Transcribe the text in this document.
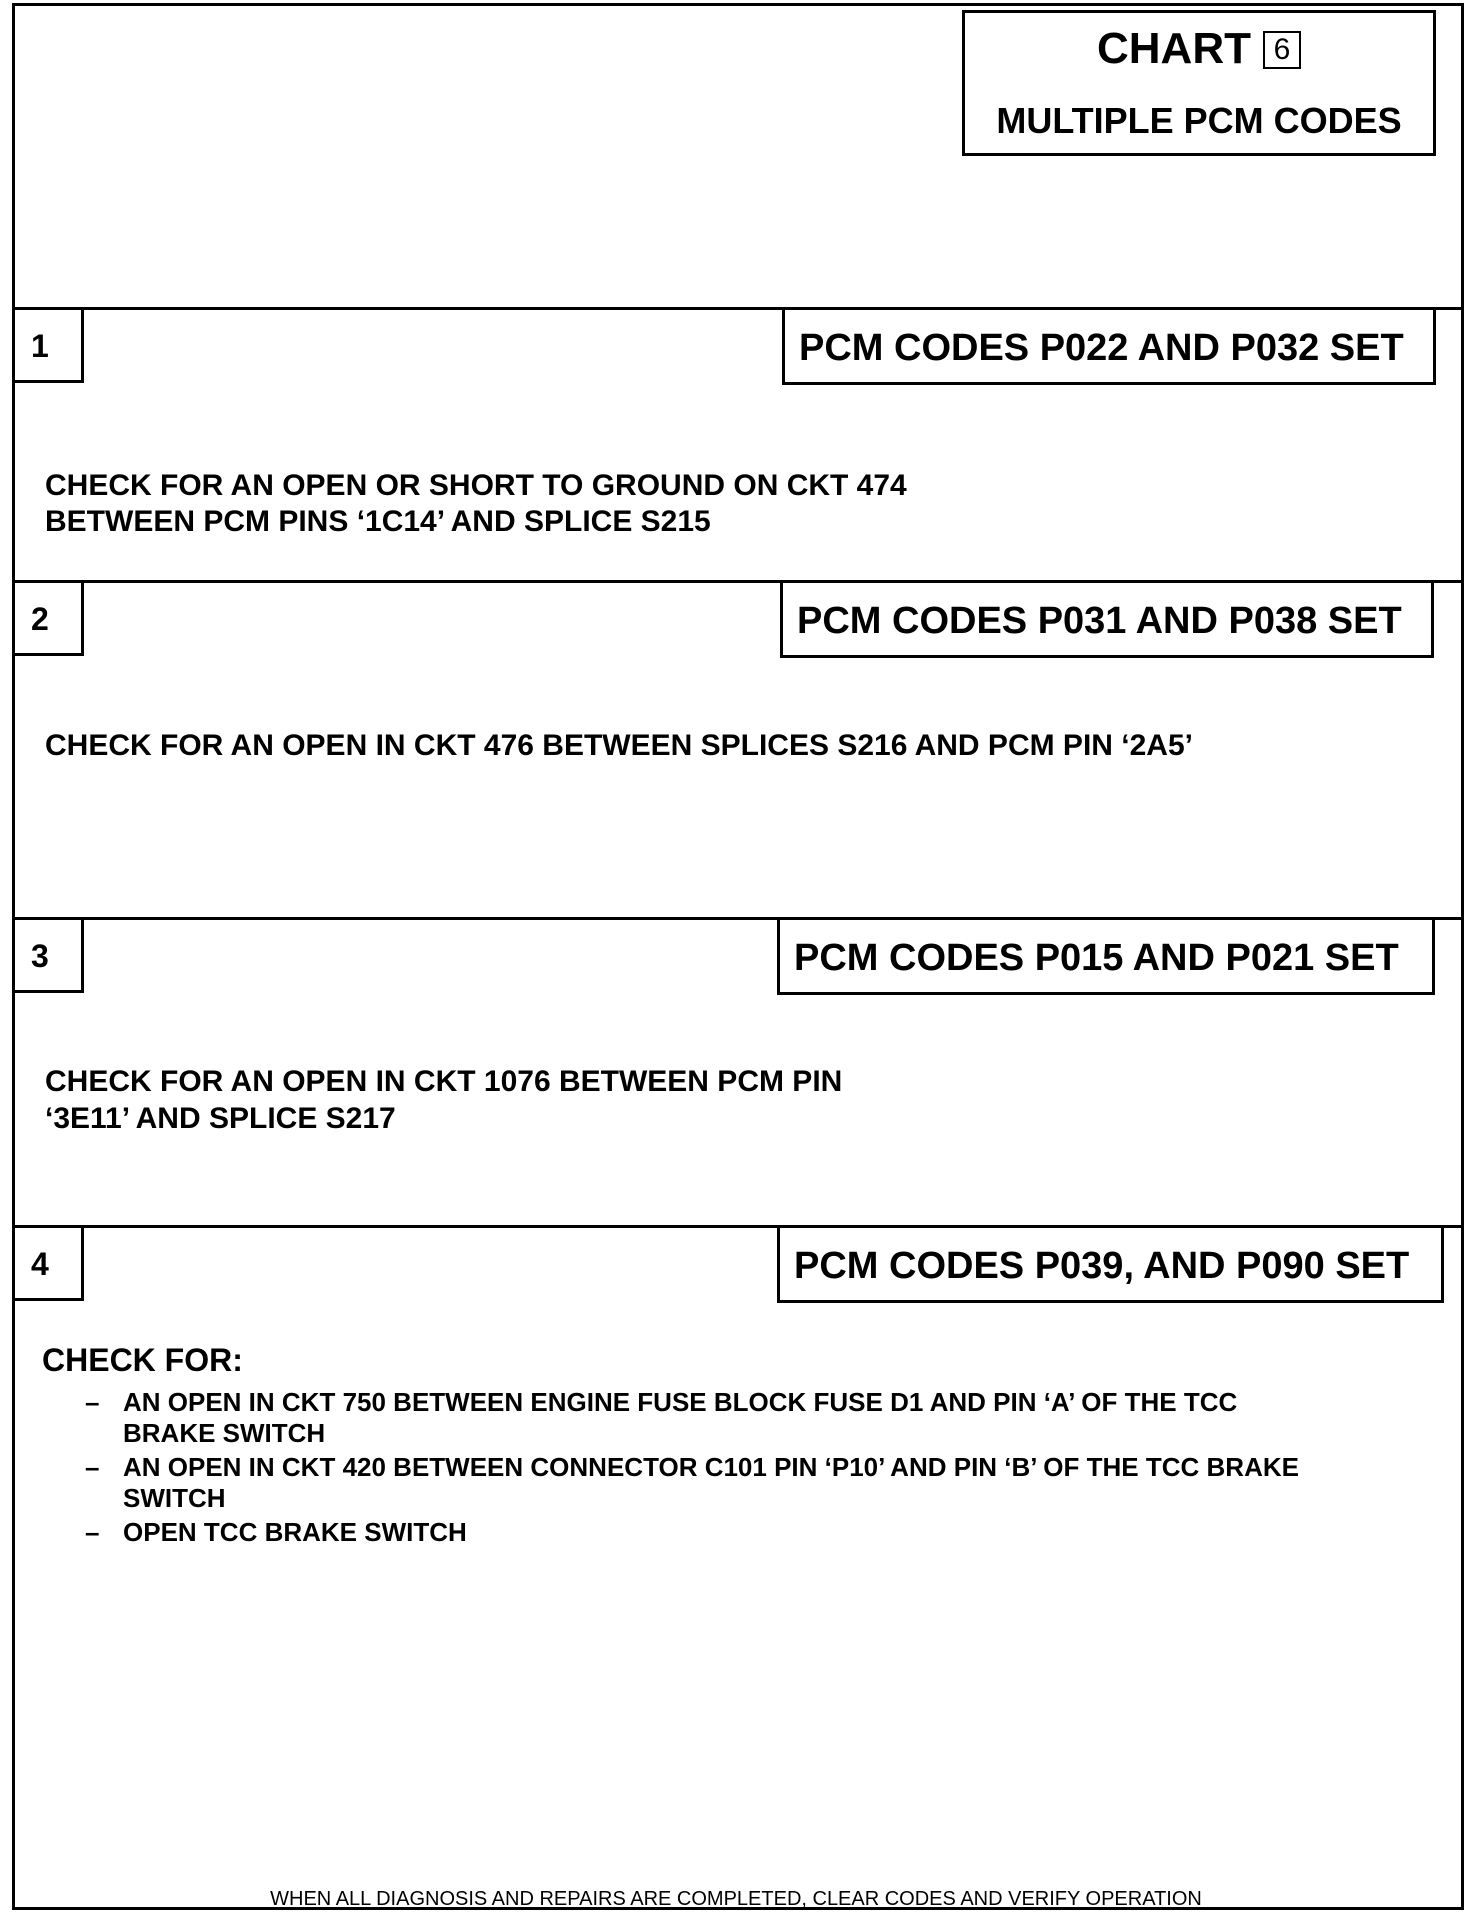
CHART 6
MULTIPLE PCM CODES
1	PCM CODES P022 AND P032 SET
CHECK FOR AN OPEN OR SHORT TO GROUND ON CKT 474
BETWEEN PCM PINS ‘1C14’ AND SPLICE S215
2	PCM CODES P031 AND P038 SET
CHECK FOR AN OPEN IN CKT 476 BETWEEN SPLICES S216 AND PCM PIN ‘2A5’
3	PCM CODES P015 AND P021 SET
CHECK FOR AN OPEN IN CKT 1076 BETWEEN PCM PIN
‘3E11’ AND SPLICE S217
4	PCM CODES P039, AND P090 SET
CHECK FOR:
– AN OPEN IN CKT 750 BETWEEN ENGINE FUSE BLOCK FUSE D1 AND PIN ‘A’ OF THE TCC
BRAKE SWITCH
– AN OPEN IN CKT 420 BETWEEN CONNECTOR C101 PIN ‘P10’ AND PIN ‘B’ OF THE TCC BRAKE
SWITCH
– OPEN TCC BRAKE SWITCH
WHEN ALL DIAGNOSIS AND REPAIRS ARE COMPLETED, CLEAR CODES AND VERIFY OPERATION
